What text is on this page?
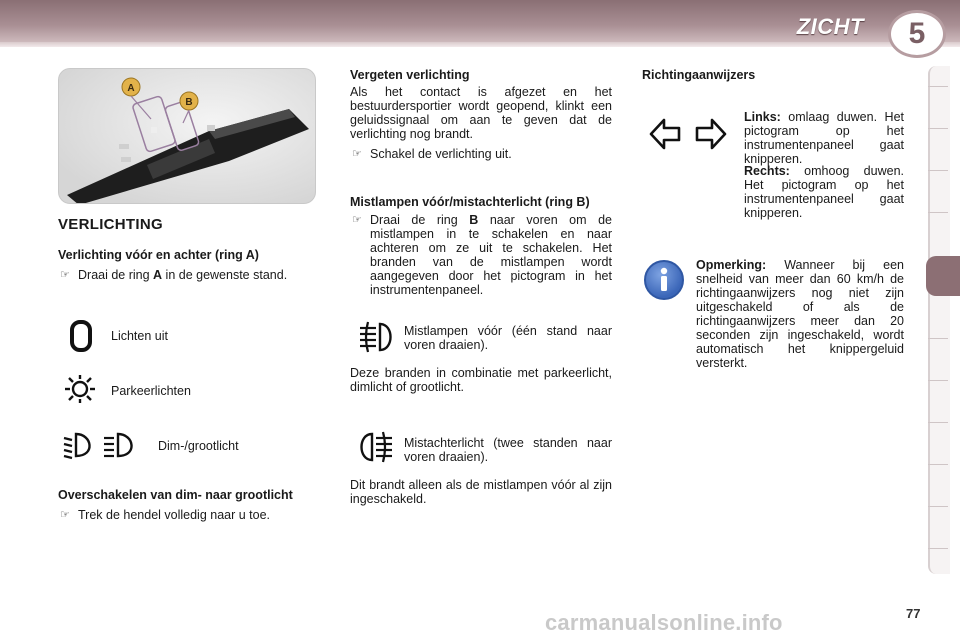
ZICHT	5
A
B
VERLICHTING
Verlichting vóór en achter (ring A)
☞ Draai de ring A in de gewenste stand.
Lichten uit
Parkeerlichten
Dim-/grootlicht
Overschakelen van dim- naar grootlicht
☞ Trek de hendel volledig naar u toe.
Vergeten verlichting
Als het contact is afgezet en het bestuurdersportier wordt geopend, klinkt een geluidssignaal om aan te geven dat de verlichting nog brandt.
☞ Schakel de verlichting uit.
Mistlampen vóór/mistachterlicht (ring B)
☞ Draai de ring B naar voren om de mistlampen in te schakelen en naar achteren om ze uit te schakelen. Het branden van de mistlampen wordt aangegeven door het pictogram in het instrumentenpaneel.
Mistlampen vóór (één stand naar voren draaien).
Deze branden in combinatie met parkeerlicht, dimlicht of grootlicht.
Mistachterlicht (twee standen naar voren draaien).
Dit brandt alleen als de mistlampen vóór al zijn ingeschakeld.
Richtingaanwijzers
Links: omlaag duwen. Het pictogram op het instrumentenpaneel gaat knipperen.
Rechts: omhoog duwen. Het pictogram op het instrumentenpaneel gaat knipperen.
Opmerking: Wanneer bij een snelheid van meer dan 60 km/h de richtingaanwijzers nog niet zijn uitgeschakeld of als de richtingaanwijzers meer dan 20 seconden zijn ingeschakeld, wordt automatisch het knippergeluid versterkt.
77
carmanualsonline.info
